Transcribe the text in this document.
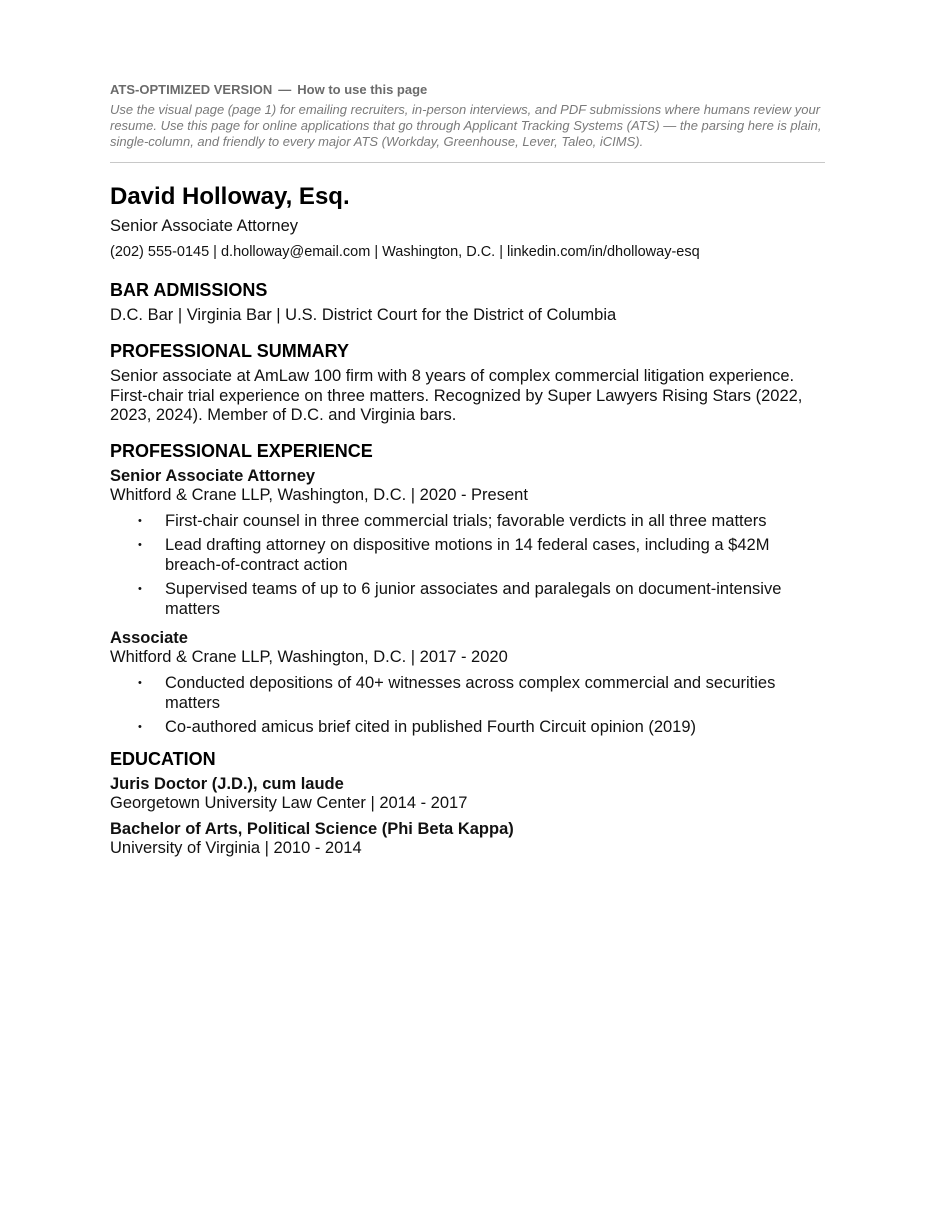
ATS-OPTIMIZED VERSION — How to use this page
Use the visual page (page 1) for emailing recruiters, in-person interviews, and PDF submissions where humans review your resume. Use this page for online applications that go through Applicant Tracking Systems (ATS) — the parsing here is plain, single-column, and friendly to every major ATS (Workday, Greenhouse, Lever, Taleo, iCIMS).
David Holloway, Esq.
Senior Associate Attorney
(202) 555-0145 | d.holloway@email.com | Washington, D.C. | linkedin.com/in/dholloway-esq
BAR ADMISSIONS
D.C. Bar | Virginia Bar | U.S. District Court for the District of Columbia
PROFESSIONAL SUMMARY
Senior associate at AmLaw 100 firm with 8 years of complex commercial litigation experience. First-chair trial experience on three matters. Recognized by Super Lawyers Rising Stars (2022, 2023, 2024). Member of D.C. and Virginia bars.
PROFESSIONAL EXPERIENCE
Senior Associate Attorney
Whitford & Crane LLP, Washington, D.C. | 2020 - Present
• First-chair counsel in three commercial trials; favorable verdicts in all three matters
• Lead drafting attorney on dispositive motions in 14 federal cases, including a $42M breach-of-contract action
• Supervised teams of up to 6 junior associates and paralegals on document-intensive matters
Associate
Whitford & Crane LLP, Washington, D.C. | 2017 - 2020
• Conducted depositions of 40+ witnesses across complex commercial and securities matters
• Co-authored amicus brief cited in published Fourth Circuit opinion (2019)
EDUCATION
Juris Doctor (J.D.), cum laude
Georgetown University Law Center | 2014 - 2017
Bachelor of Arts, Political Science (Phi Beta Kappa)
University of Virginia | 2010 - 2014
